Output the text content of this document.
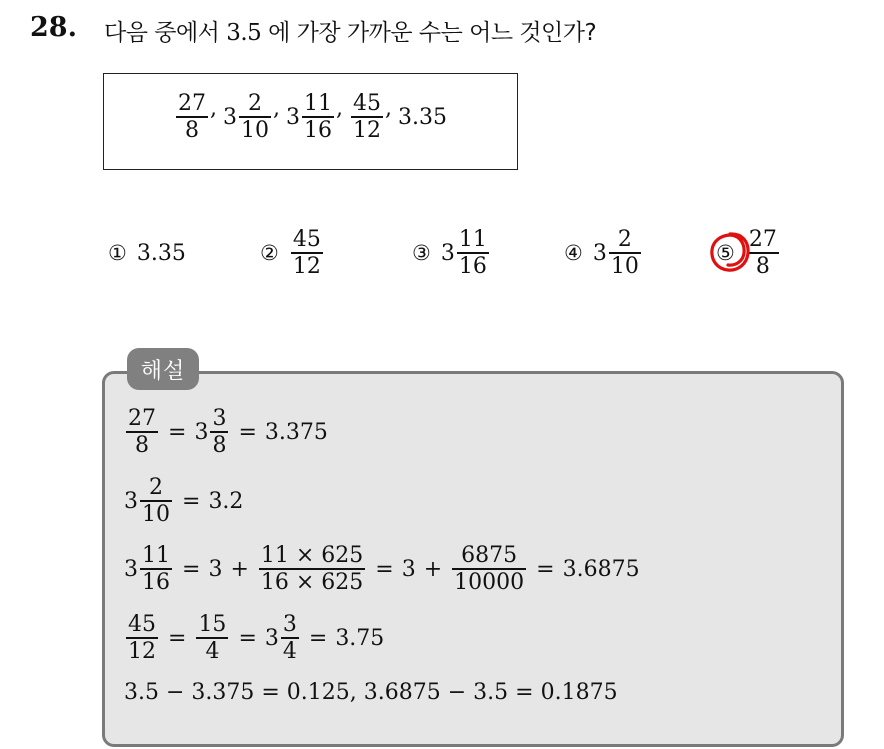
28. 다음 중에서 3.5 에 가장 가까운 수는 어느 것인가?
$\frac{27}{8}$ , $3 \frac{2}{10}$ , $3 \frac{11}{16}$ , $\frac{45}{12}$ , 3.35
① 3.35	② $\frac{45}{12}$	③ $3 \frac{11}{16}$	④ $3 \frac{2}{10}$	⑤ $\frac{27}{8}$
해설
$\frac{27}{8} = 3 \frac{3}{8} = 3.375$
$3 \frac{2}{10} = 3.2$
$3 \frac{11}{16} = 3 + \frac{11 \times 625}{16 \times 625} = 3 + \frac{6875}{10000} = 3.6875$
$\frac{45}{12} = \frac{15}{4} = 3 \frac{3}{4} = 3.75$
3.5 − 3.375 = 0.125, 3.6875 − 3.5 = 0.1875
